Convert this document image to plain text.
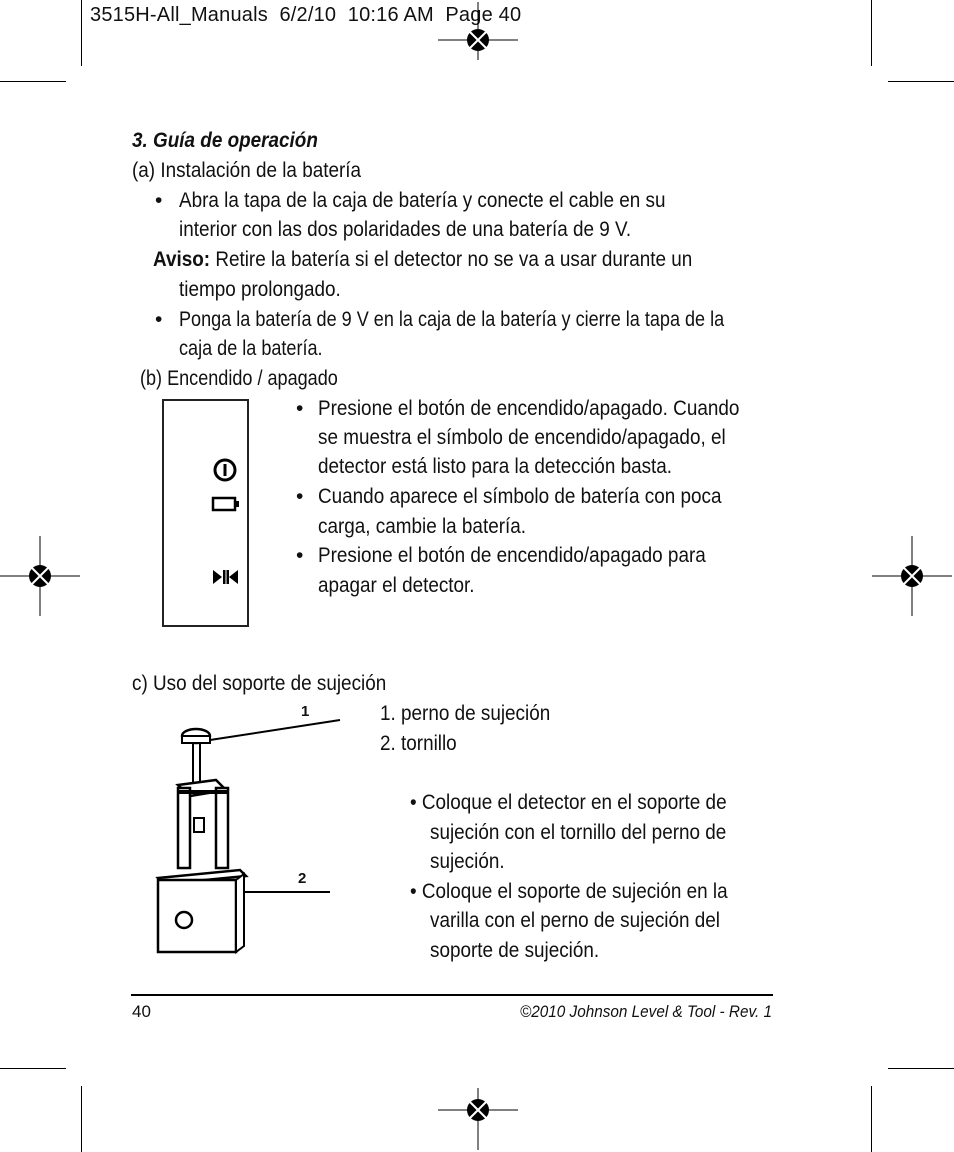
3515H-All_Manuals  6/2/10  10:16 AM  Page 40
3. Guía de operación
(a) Instalación de la batería
• Abra la tapa de la caja de batería y conecte el cable en su
interior con las dos polaridades de una batería de 9 V.
Aviso: Retire la batería si el detector no se va a usar durante un
tiempo prolongado.
• Ponga la batería de 9 V en la caja de la batería y cierre la tapa de la
caja de la batería.
(b) Encendido / apagado
• Presione el botón de encendido/apagado. Cuando
se muestra el símbolo de encendido/apagado, el
detector está listo para la detección basta.
• Cuando aparece el símbolo de batería con poca
carga, cambie la batería.
• Presione el botón de encendido/apagado para
apagar el detector.
c) Uso del soporte de sujeción
1
2
1. perno de sujeción
2. tornillo
• Coloque el detector en el soporte de
sujeción con el tornillo del perno de
sujeción.
• Coloque el soporte de sujeción en la
varilla con el perno de sujeción del
soporte de sujeción.
40	©2010 Johnson Level & Tool - Rev. 1
